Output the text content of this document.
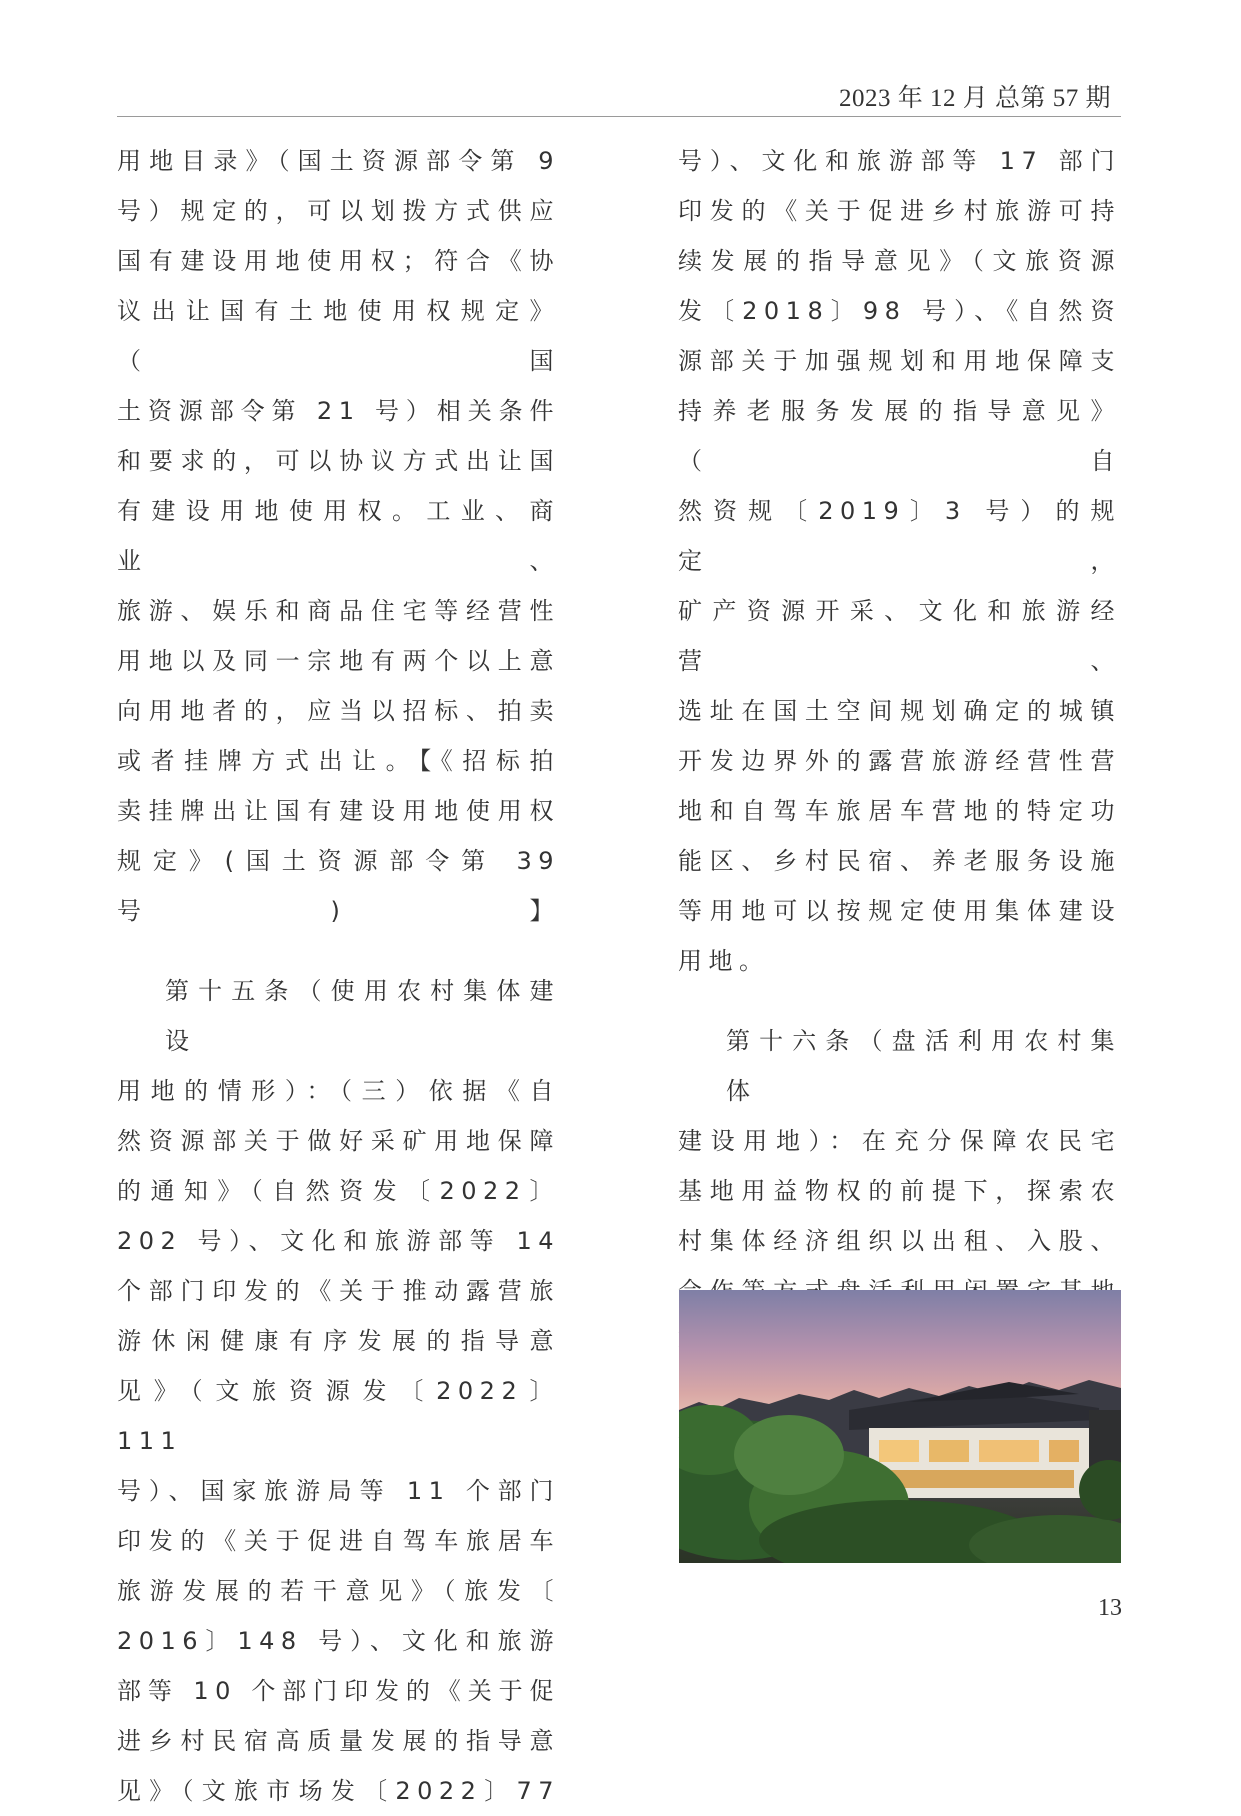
2023 年 12 月 总第 57 期

用地目录》（国土资源部令第 9

号）规定的，可以划拨方式供应

国有建设用地使用权；符合《协

议出让国有土地使用权规定》（国

土资源部令第 21 号）相关条件

和要求的，可以协议方式出让国

有建设用地使用权。工业、商业、

旅游、娱乐和商品住宅等经营性

用地以及同一宗地有两个以上意

向用地者的，应当以招标、拍卖

或者挂牌方式出让。【《招标拍

卖挂牌出让国有建设用地使用权

规定》(国土资源部令第 39 号)】

第十五条（使用农村集体建设

用地的情形）：（三）依据《自

然资源部关于做好采矿用地保障

的通知》（自然资发〔2022〕

202 号）、文化和旅游部等 14

个部门印发的《关于推动露营旅

游休闲健康有序发展的指导意

见》（文旅资源发〔2022〕111

号）、国家旅游局等 11 个部门

印发的《关于促进自驾车旅居车

旅游发展的若干意见》（旅发〔

2016〕148 号）、文化和旅游

部等 10 个部门印发的《关于促

进乡村民宿高质量发展的指导意

见》（文旅市场发〔2022〕77

号）、文化和旅游部等 17 部门

印发的《关于促进乡村旅游可持

续发展的指导意见》（文旅资源

发〔2018〕98 号）、《自然资

源部关于加强规划和用地保障支

持养老服务发展的指导意见》（自

然资规〔2019〕3 号）的规定，

矿产资源开采、文化和旅游经营、

选址在国土空间规划确定的城镇

开发边界外的露营旅游经营性营

地和自驾车旅居车营地的特定功

能区、乡村民宿、养老服务设施

等用地可以按规定使用集体建设

用地。

第十六条（盘活利用农村集体

建设用地）：在充分保障农民宅

基地用益物权的前提下，探索农

村集体经济组织以出租、入股、

13
